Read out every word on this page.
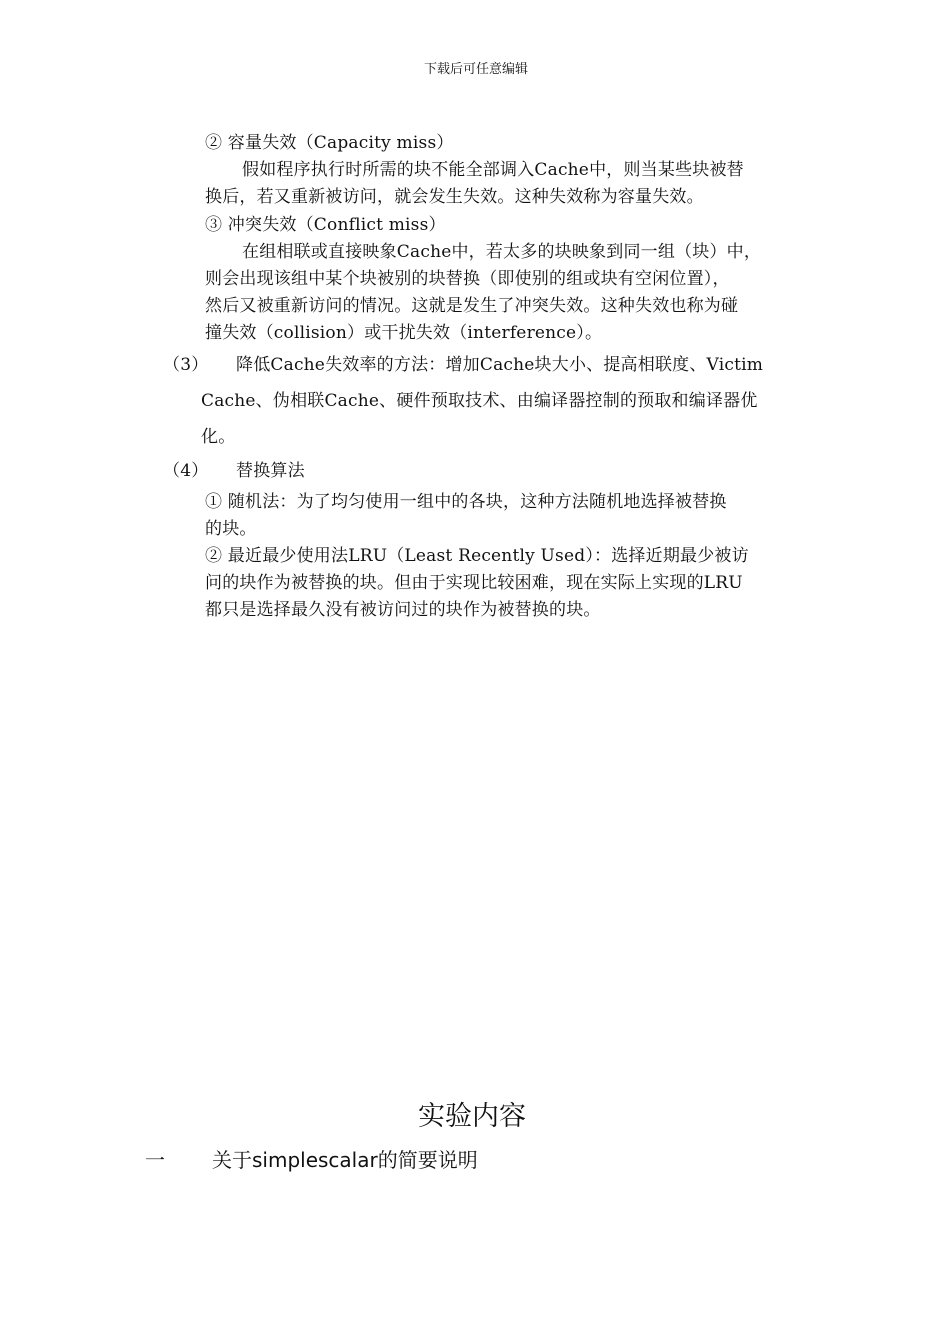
下载后可任意编辑
② 容量失效（Capacity miss）
假如程序执行时所需的块不能全部调入Cache中，则当某些块被替
换后，若又重新被访问，就会发生失效。这种失效称为容量失效。
③ 冲突失效（Conflict miss）
在组相联或直接映象Cache中，若太多的块映象到同一组（块）中，
则会出现该组中某个块被别的块替换（即使别的组或块有空闲位置），
然后又被重新访问的情况。这就是发生了冲突失效。这种失效也称为碰
撞失效（collision）或干扰失效（interference）。
（3） 降低Cache失效率的方法：增加Cache块大小、提高相联度、Victim
Cache、伪相联Cache、硬件预取技术、由编译器控制的预取和编译器优
化。
（4） 替换算法
① 随机法：为了均匀使用一组中的各块，这种方法随机地选择被替换
的块。
② 最近最少使用法LRU（Least Recently Used）：选择近期最少被访
问的块作为被替换的块。但由于实现比较困难，现在实际上实现的LRU
都只是选择最久没有被访问过的块作为被替换的块。
实验内容
一 关于simplescalar的简要说明
